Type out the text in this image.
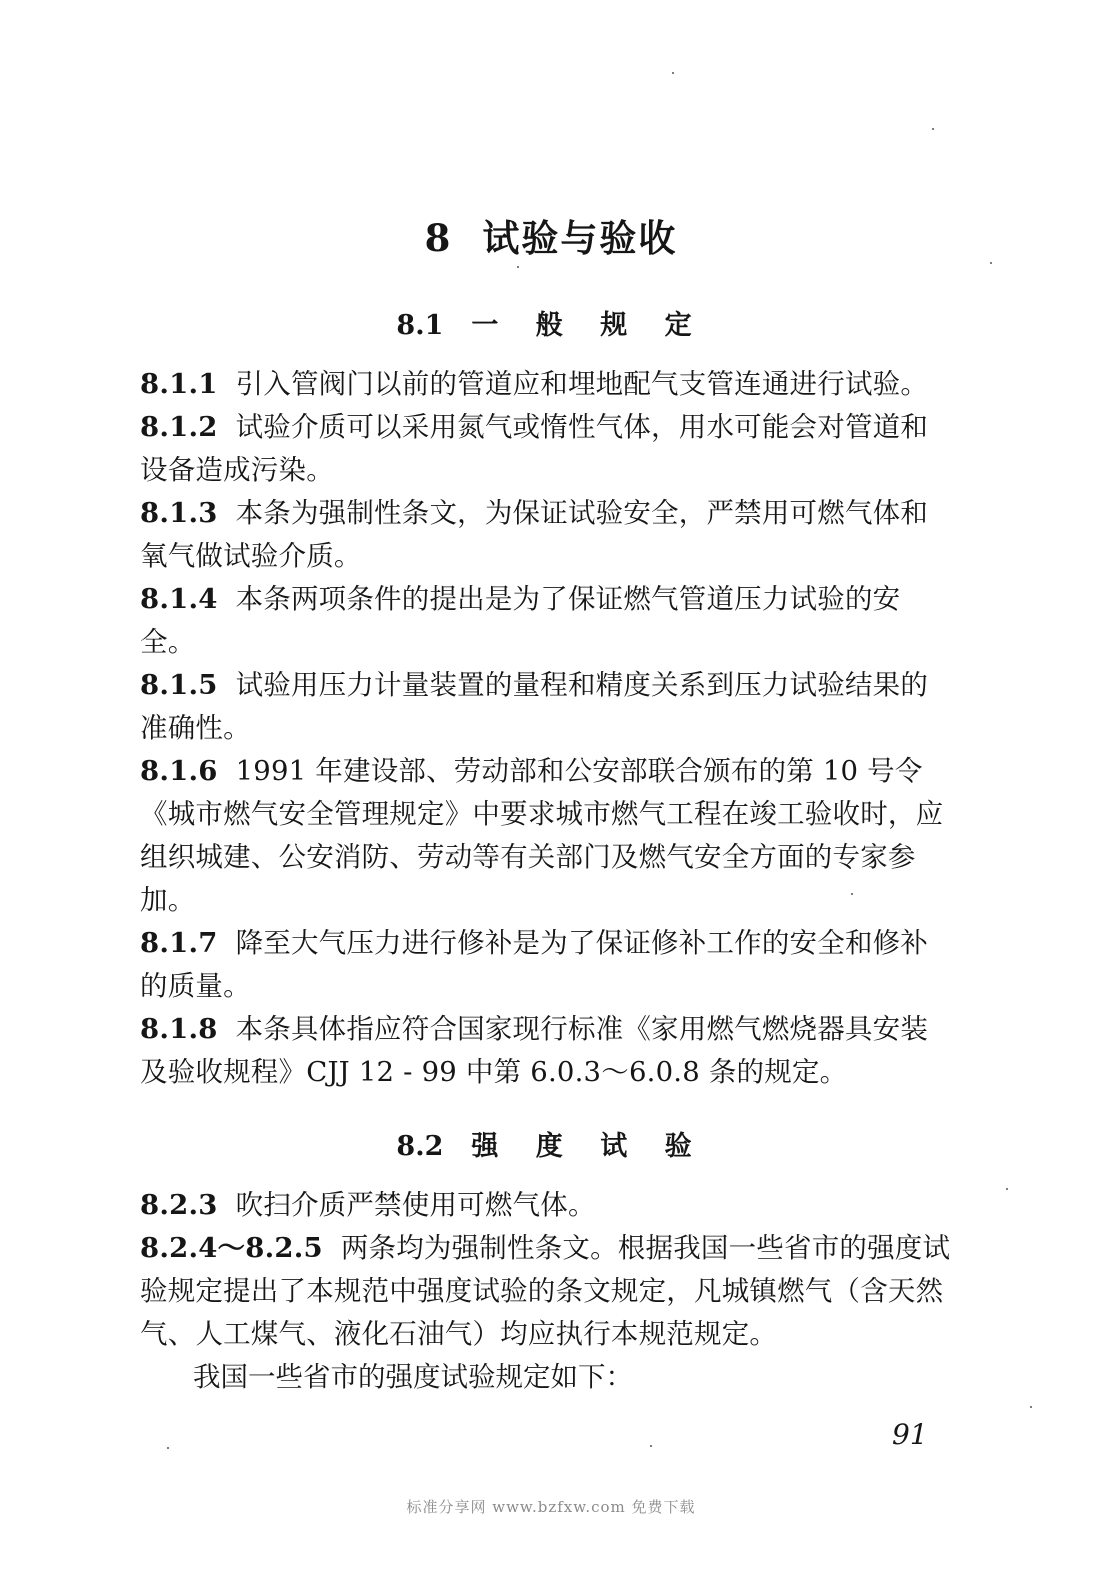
8 试验与验收
8.1 一 般 规 定
8.1.1 引入管阀门以前的管道应和埋地配气支管连通进行试验。
8.1.2 试验介质可以采用氮气或惰性气体，用水可能会对管道和设备造成污染。
8.1.3 本条为强制性条文，为保证试验安全，严禁用可燃气体和氧气做试验介质。
8.1.4 本条两项条件的提出是为了保证燃气管道压力试验的安全。
8.1.5 试验用压力计量装置的量程和精度关系到压力试验结果的准确性。
8.1.6 1991 年建设部、劳动部和公安部联合颁布的第 10 号令《城市燃气安全管理规定》中要求城市燃气工程在竣工验收时，应组织城建、公安消防、劳动等有关部门及燃气安全方面的专家参加。
8.1.7 降至大气压力进行修补是为了保证修补工作的安全和修补的质量。
8.1.8 本条具体指应符合国家现行标准《家用燃气燃烧器具安装及验收规程》CJJ 12 - 99 中第 6.0.3～6.0.8 条的规定。
8.2 强 度 试 验
8.2.3 吹扫介质严禁使用可燃气体。
8.2.4～8.2.5 两条均为强制性条文。根据我国一些省市的强度试验规定提出了本规范中强度试验的条文规定，凡城镇燃气（含天然气、人工煤气、液化石油气）均应执行本规范规定。
我国一些省市的强度试验规定如下：
91
标准分享网 www.bzfxw.com 免费下载
